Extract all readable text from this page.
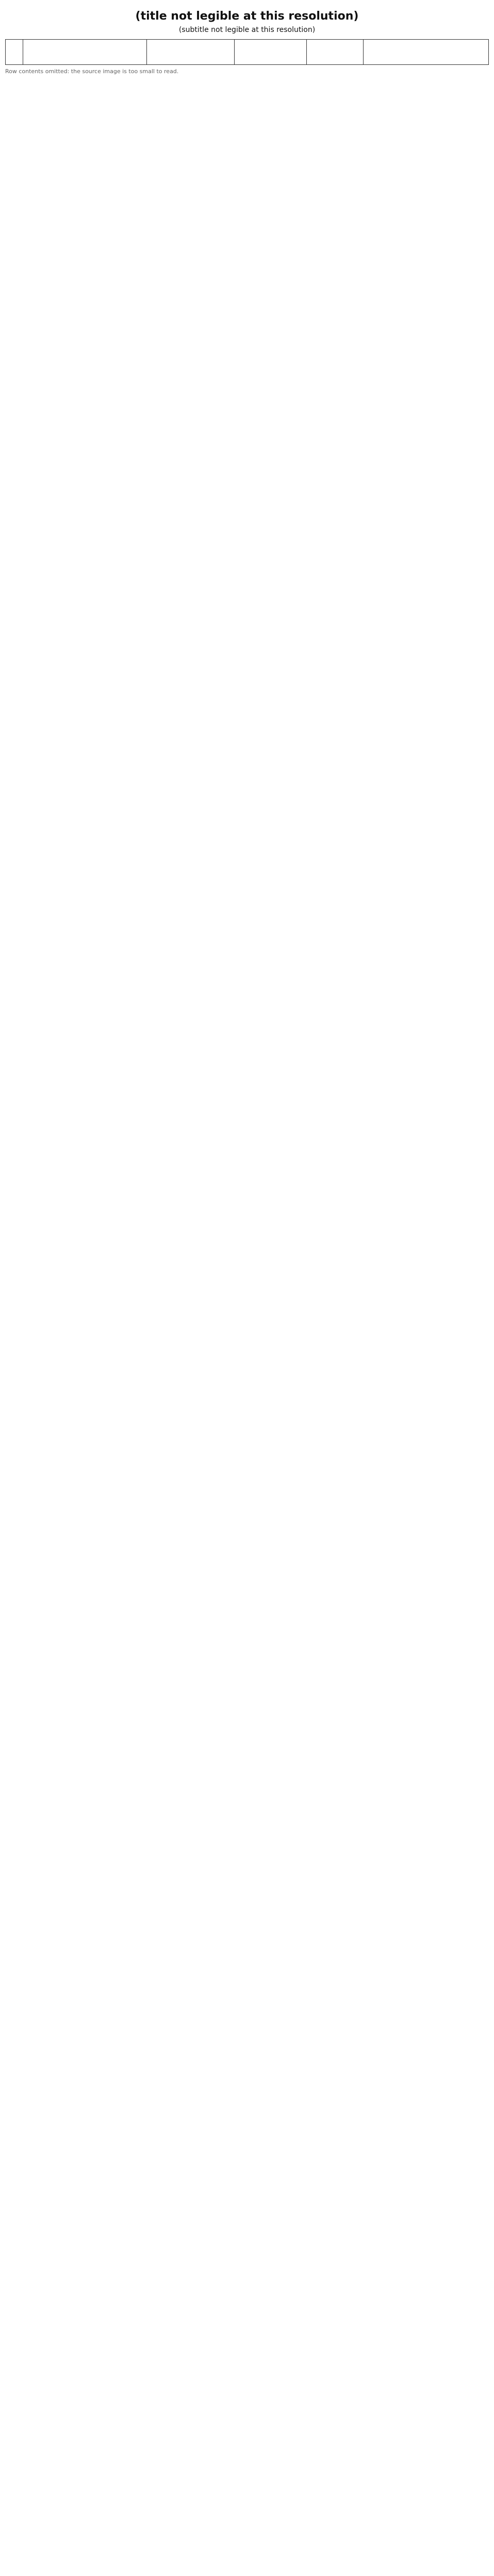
(title not legible at this resolution)
(subtitle not legible at this resolution)

Row contents omitted: the source image is too small to read.
